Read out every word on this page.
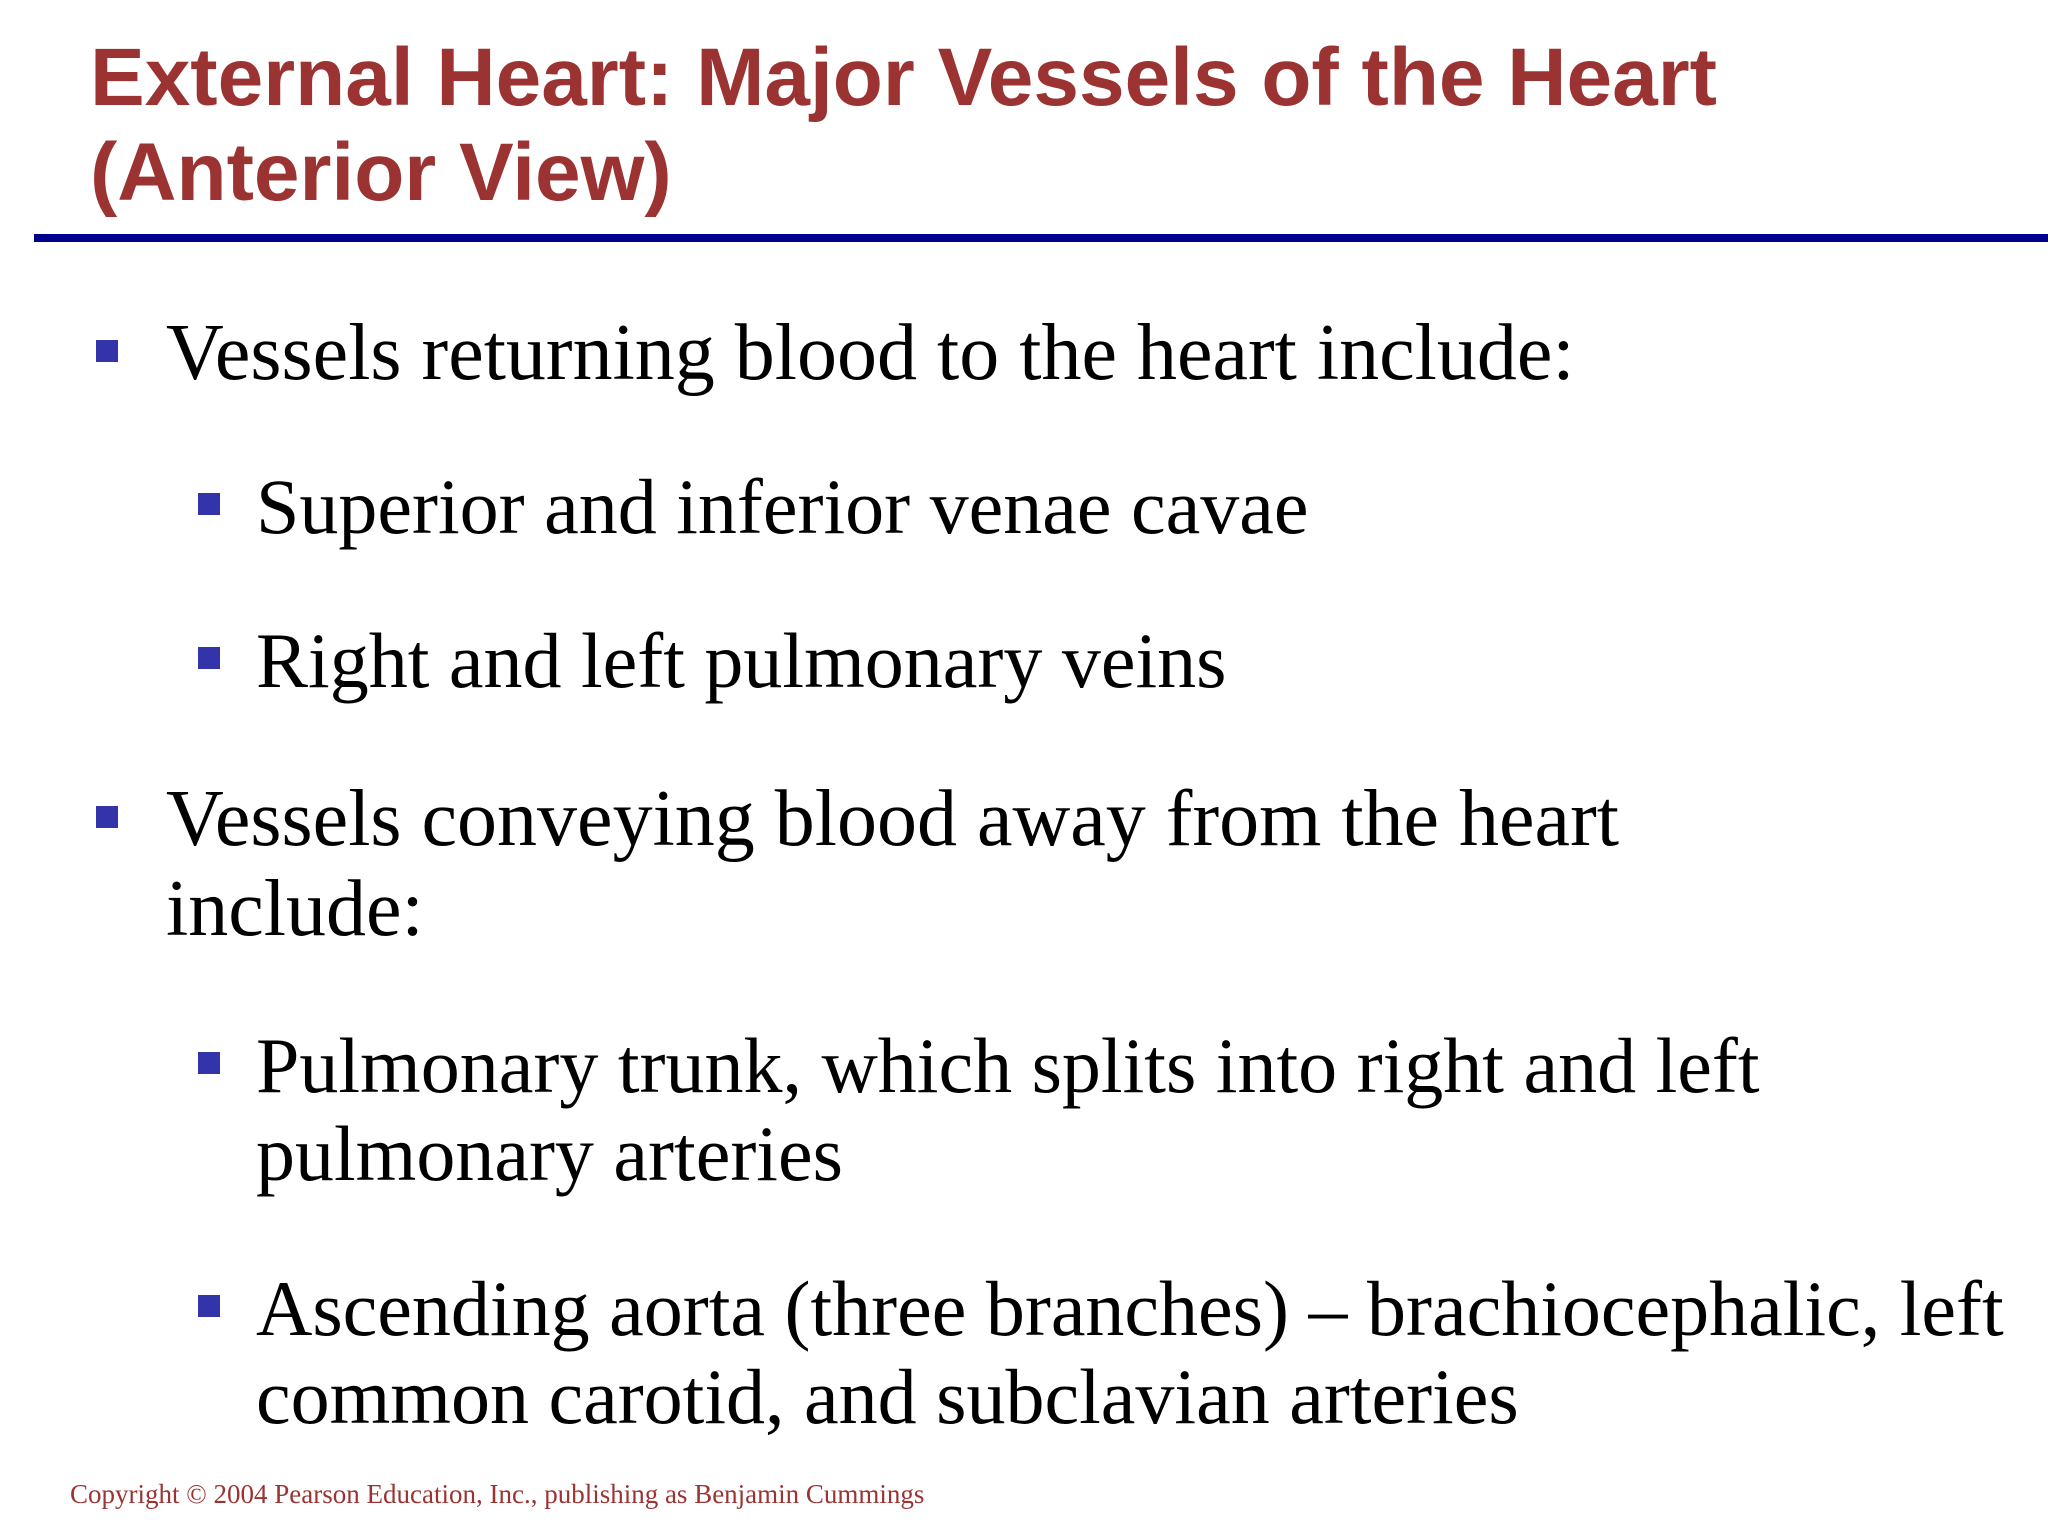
External Heart: Major Vessels of the Heart (Anterior View)
Vessels returning blood to the heart include:
Superior and inferior venae cavae
Right and left pulmonary veins
Vessels conveying blood away from the heart include:
Pulmonary trunk, which splits into right and left pulmonary arteries
Ascending aorta (three branches) – brachiocephalic, left common carotid, and subclavian arteries

Copyright © 2004 Pearson Education, Inc., publishing as Benjamin Cummings
